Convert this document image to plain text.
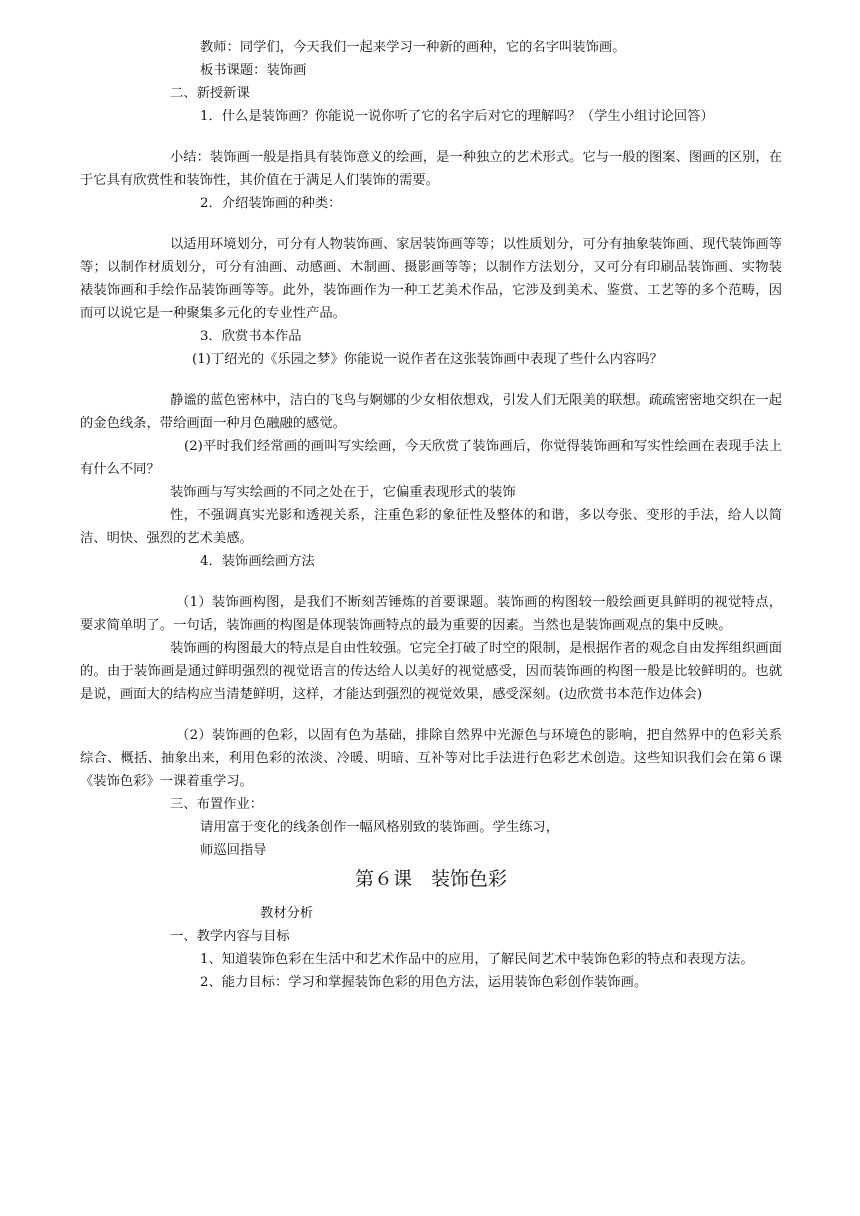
教师：同学们，今天我们一起来学习一种新的画种，它的名字叫装饰画。
板书课题：装饰画
二、新授新课
1．什么是装饰画？你能说一说你听了它的名字后对它的理解吗？（学生小组讨论回答）
小结：装饰画一般是指具有装饰意义的绘画，是一种独立的艺术形式。它与一般的图案、图画的区别，在于它具有欣赏性和装饰性，其价值在于满足人们装饰的需要。
2．介绍装饰画的种类：
以适用环境划分，可分有人物装饰画、家居装饰画等等；以性质划分，可分有抽象装饰画、现代装饰画等等；以制作材质划分，可分有油画、动感画、木制画、摄影画等等；以制作方法划分，又可分有印刷品装饰画、实物装裱装饰画和手绘作品装饰画等等。此外，装饰画作为一种工艺美术作品，它涉及到美术、鉴赏、工艺等的多个范畴，因而可以说它是一种聚集多元化的专业性产品。
3．欣赏书本作品
(1)丁绍光的《乐园之梦》你能说一说作者在这张装饰画中表现了些什么内容吗？
静谧的蓝色密林中，洁白的飞鸟与婀娜的少女相依想戏，引发人们无限美的联想。疏疏密密地交织在一起的金色线条，带给画面一种月色融融的感觉。
(2)平时我们经常画的画叫写实绘画，今天欣赏了装饰画后，你觉得装饰画和写实性绘画在表现手法上有什么不同？
装饰画与写实绘画的不同之处在于，它偏重表现形式的装饰
性，不强调真实光影和透视关系，注重色彩的象征性及整体的和谐，多以夸张、变形的手法，给人以简洁、明快、强烈的艺术美感。
4．装饰画绘画方法
（1）装饰画构图，是我们不断刻苦锤炼的首要课题。装饰画的构图较一般绘画更具鲜明的视觉特点，要求简单明了。一句话，装饰画的构图是体现装饰画特点的最为重要的因素。当然也是装饰画观点的集中反映。
装饰画的构图最大的特点是自由性较强。它完全打破了时空的限制，是根据作者的观念自由发挥组织画面的。由于装饰画是通过鲜明强烈的视觉语言的传达给人以美好的视觉感受，因而装饰画的构图一般是比较鲜明的。也就是说，画面大的结构应当清楚鲜明，这样，才能达到强烈的视觉效果，感受深刻。(边欣赏书本范作边体会)
（2）装饰画的色彩，以固有色为基础，排除自然界中光源色与环境色的影响，把自然界中的色彩关系综合、概括、抽象出来，利用色彩的浓淡、冷暖、明暗、互补等对比手法进行色彩艺术创造。这些知识我们会在第６课《装饰色彩》一课着重学习。
三、布置作业：
请用富于变化的线条创作一幅风格别致的装饰画。学生练习，
师巡回指导
第６课　装饰色彩
教材分析
一、教学内容与目标
1、知道装饰色彩在生活中和艺术作品中的应用，了解民间艺术中装饰色彩的特点和表现方法。
2、能力目标：学习和掌握装饰色彩的用色方法，运用装饰色彩创作装饰画。
